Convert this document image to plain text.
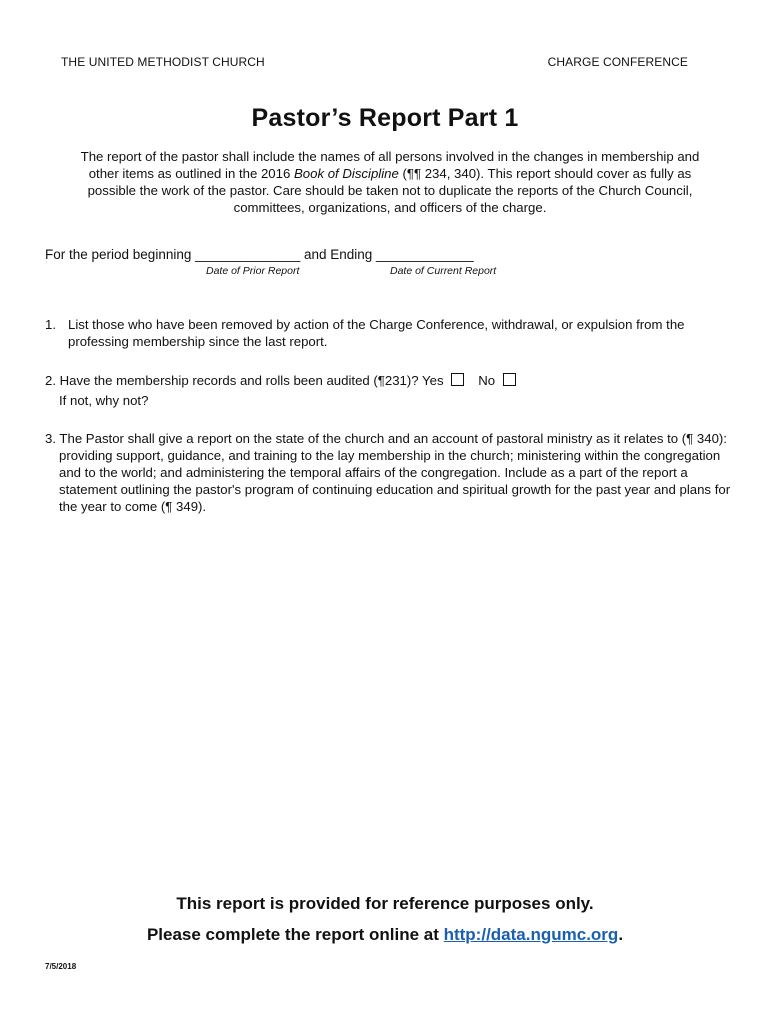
THE UNITED METHODIST CHURCH	CHARGE CONFERENCE
Pastor’s Report Part 1
The report of the pastor shall include the names of all persons involved in the changes in membership and other items as outlined in the 2016 Book of Discipline (¶¶ 234, 340). This report should cover as fully as possible the work of the pastor. Care should be taken not to duplicate the reports of the Church Council, committees, organizations, and officers of the charge.
For the period beginning ______________ and Ending _____________
Date of Prior Report	Date of Current Report
1. List those who have been removed by action of the Charge Conference, withdrawal, or expulsion from the professing membership since the last report.
2. Have the membership records and rolls been audited (¶231)? Yes	No
If not, why not?
3. The Pastor shall give a report on the state of the church and an account of pastoral ministry as it relates to (¶ 340): providing support, guidance, and training to the lay membership in the church; ministering within the congregation and to the world; and administering the temporal affairs of the congregation. Include as a part of the report a statement outlining the pastor's program of continuing education and spiritual growth for the past year and plans for the year to come (¶ 349).
This report is provided for reference purposes only.
Please complete the report online at http://data.ngumc.org.
7/5/2018
